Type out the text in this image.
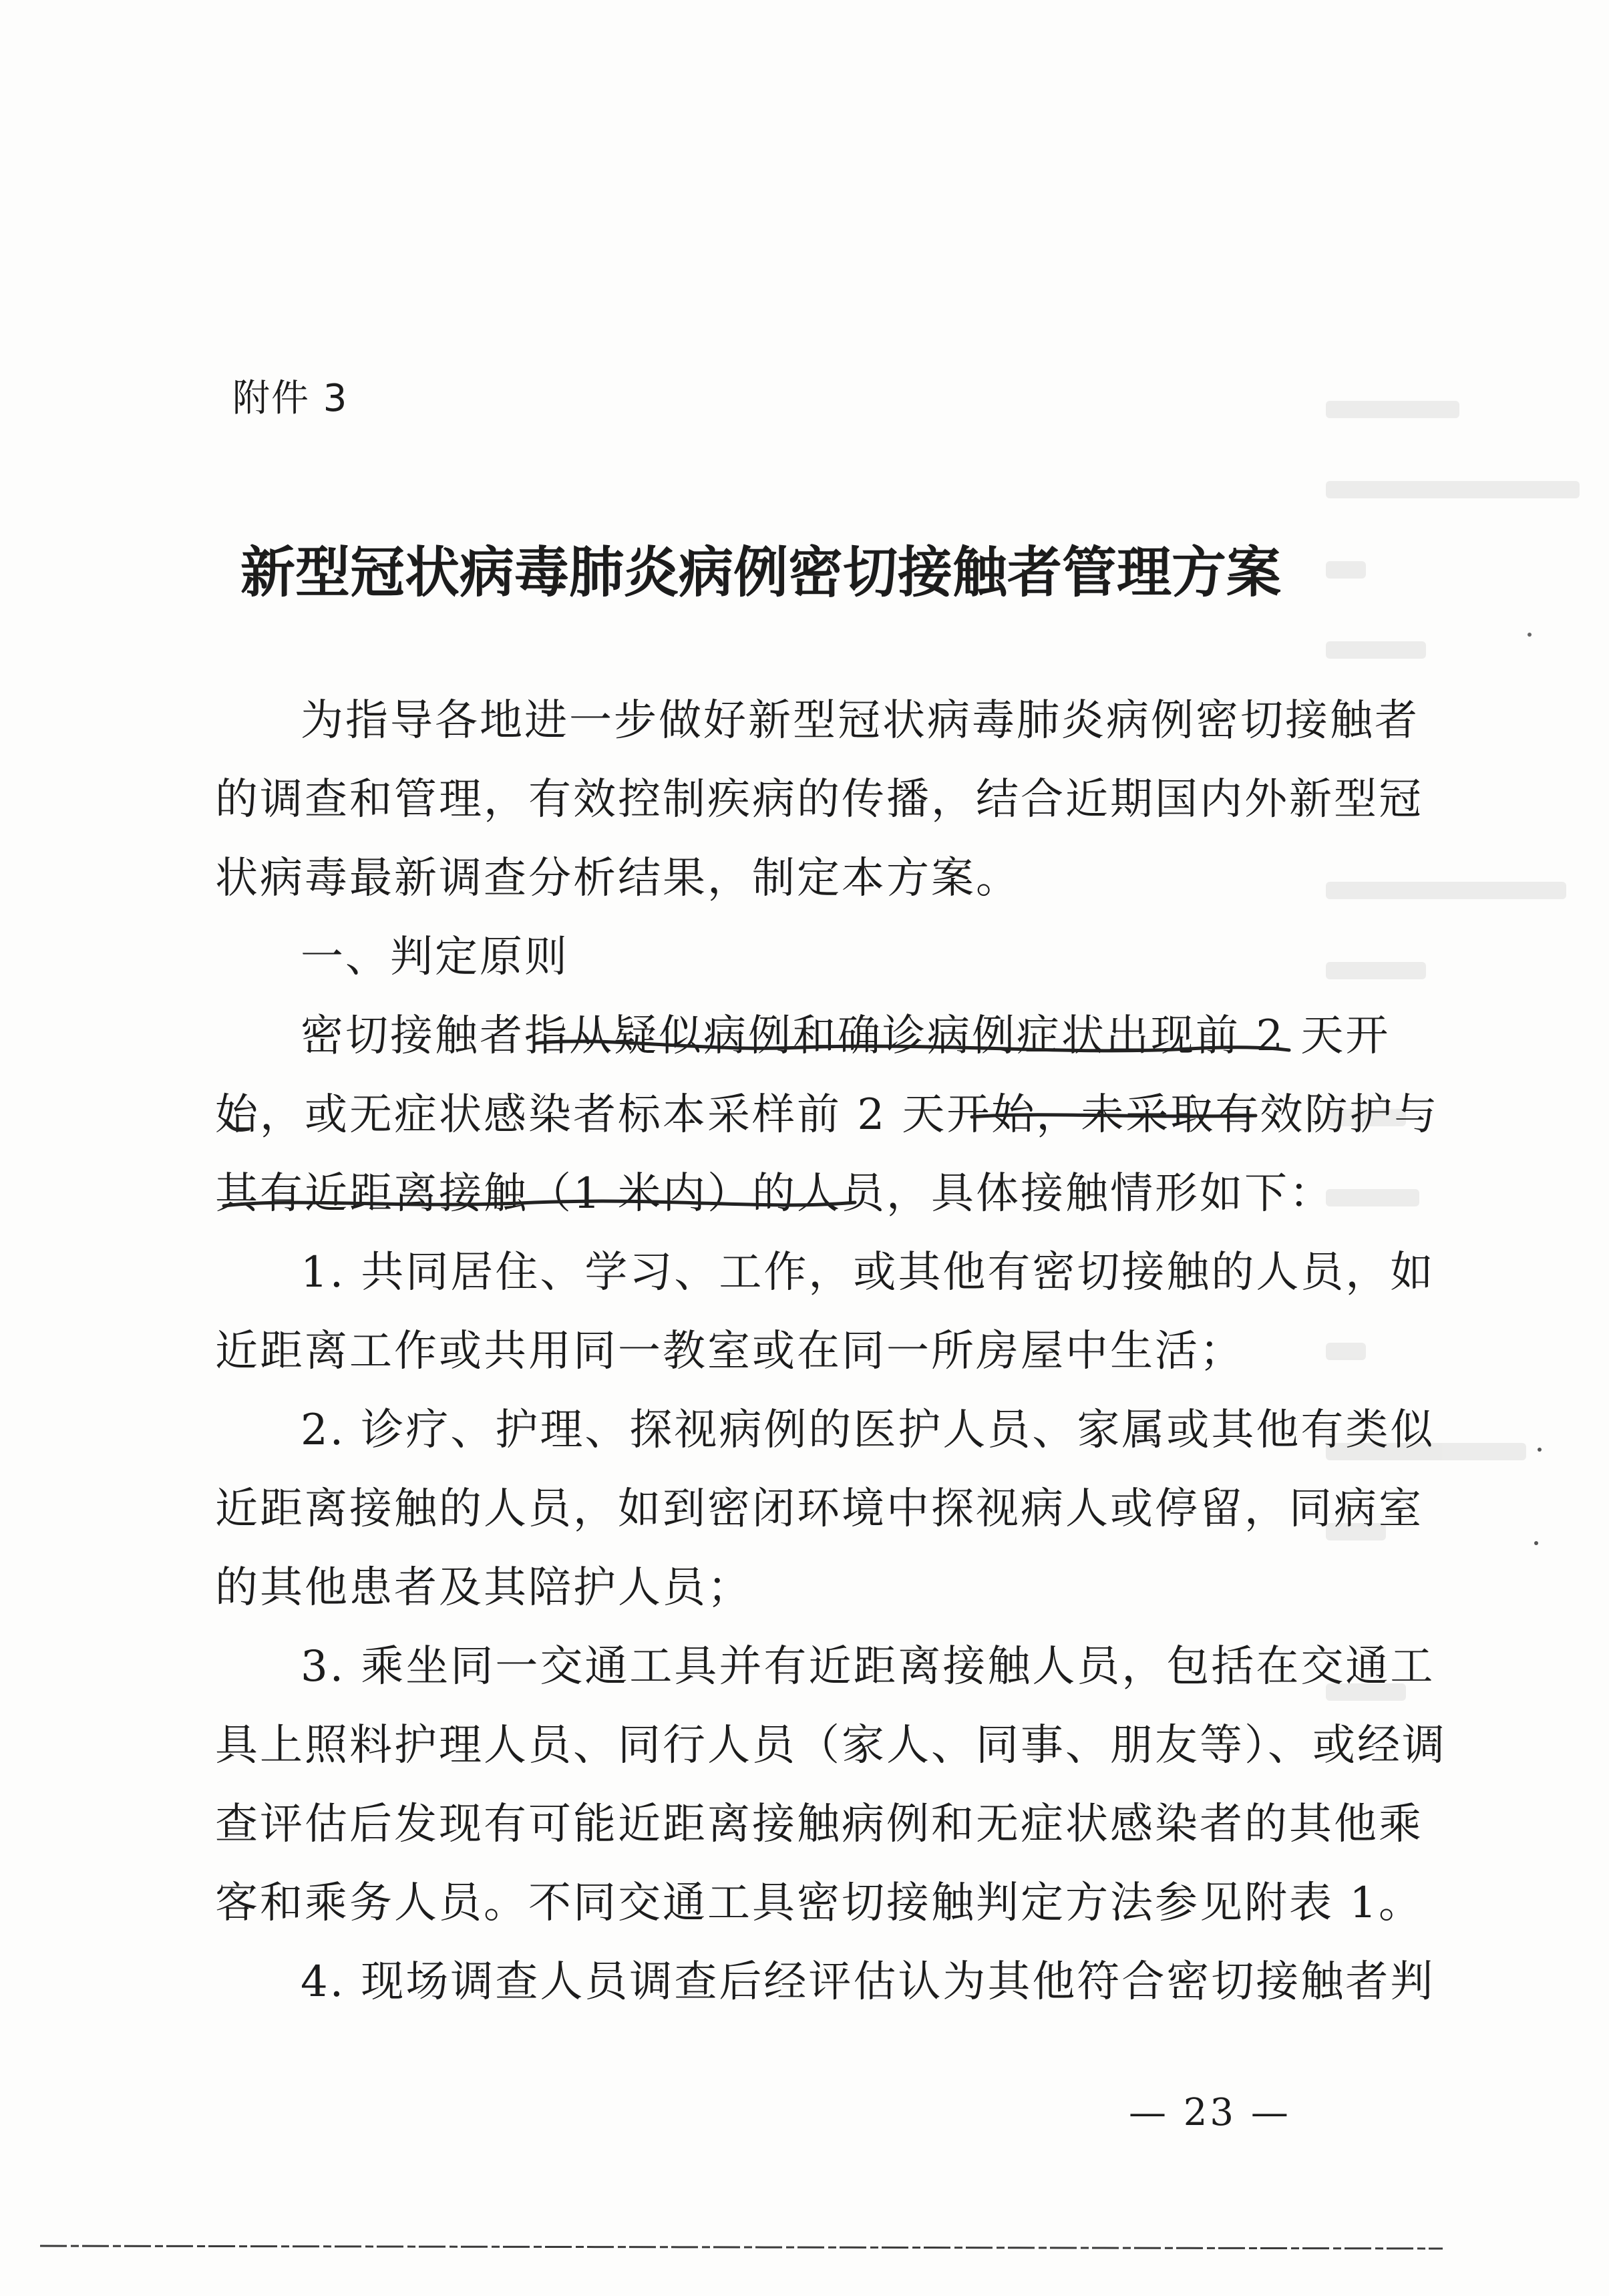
附件 3
新型冠状病毒肺炎病例密切接触者管理方案
为指导各地进一步做好新型冠状病毒肺炎病例密切接触者
的调查和管理，有效控制疾病的传播，结合近期国内外新型冠
状病毒最新调查分析结果，制定本方案。
一、判定原则
密切接触者指从疑似病例和确诊病例症状出现前 2 天开
始，或无症状感染者标本采样前 2 天开始，未采取有效防护与
其有近距离接触（1 米内）的人员，具体接触情形如下：
1. 共同居住、学习、工作，或其他有密切接触的人员，如
近距离工作或共用同一教室或在同一所房屋中生活；
2. 诊疗、护理、探视病例的医护人员、家属或其他有类似
近距离接触的人员，如到密闭环境中探视病人或停留，同病室
的其他患者及其陪护人员；
3. 乘坐同一交通工具并有近距离接触人员，包括在交通工
具上照料护理人员、同行人员（家人、同事、朋友等）、或经调
查评估后发现有可能近距离接触病例和无症状感染者的其他乘
客和乘务人员。不同交通工具密切接触判定方法参见附表 1。
4. 现场调查人员调查后经评估认为其他符合密切接触者判
— 23 —
